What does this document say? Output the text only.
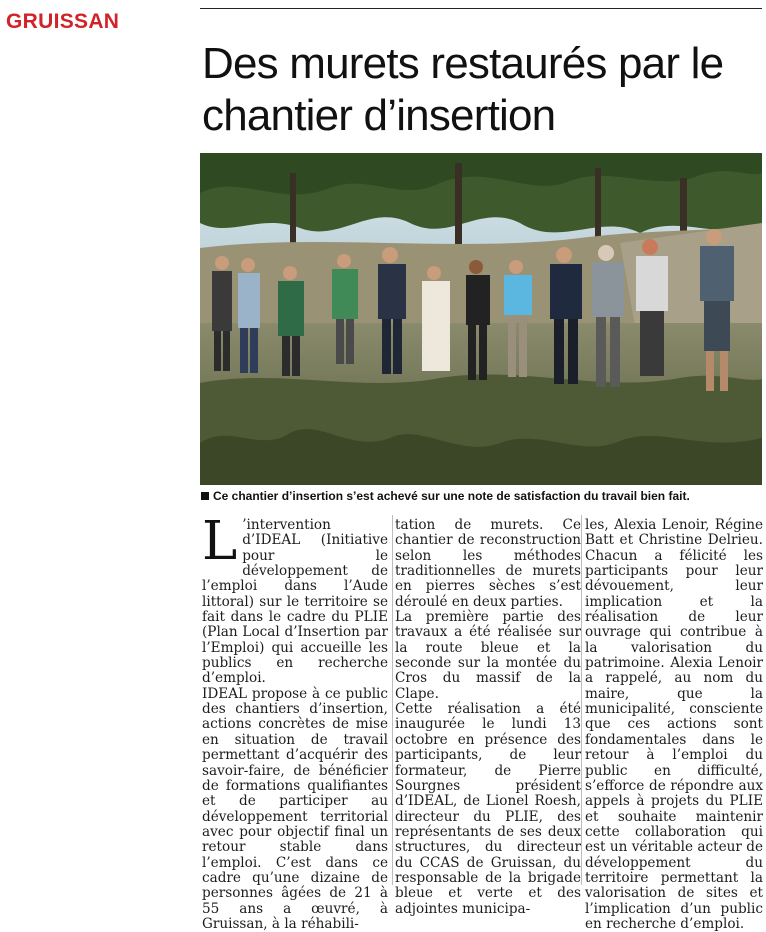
GRUISSAN
Des murets restaurés par le chantier d’insertion
Ce chantier d’insertion s’est achevé sur une note de satisfaction du travail bien fait.
L ’intervention d’IDEAL (Initiative pour le développement de l’emploi dans l’Aude littoral) sur le territoire se fait dans le cadre du PLIE (Plan Local d’Insertion par l’Emploi) qui accueille les publics en recherche d’emploi.

IDEAL propose à ce public des chantiers d’insertion, actions concrètes de mise en situation de travail permettant d’acquérir des savoir-faire, de bénéficier de formations qualifiantes et de participer au développement territorial avec pour objectif final un retour stable dans l’emploi. C’est dans ce cadre qu’une dizaine de personnes âgées de 21 à 55 ans a œuvré, à Gruissan, à la réhabili-

tation de murets. Ce chantier de reconstruction selon les méthodes traditionnelles de murets en pierres sèches s’est déroulé en deux parties.

La première partie des travaux a été réalisée sur la route bleue et la seconde sur la montée du Cros du massif de la Clape.

Cette réalisation a été inaugurée le lundi 13 octobre en présence des participants, de leur formateur, de Pierre Sourgnes président d’IDEAL, de Lionel Roesh, directeur du PLIE, des représentants de ses deux structures, du directeur du CCAS de Gruissan, du responsable de la brigade bleue et verte et des adjointes municipa-

les, Alexia Lenoir, Régine Batt et Christine Delrieu. Chacun a félicité les participants pour leur dévouement, leur implication et la réalisation de leur ouvrage qui contribue à la valorisation du patrimoine. Alexia Lenoir a rappelé, au nom du maire, que la municipalité, consciente que ces actions sont fondamentales dans le retour à l’emploi du public en difficulté, s’efforce de répondre aux appels à projets du PLIE et souhaite maintenir cette collaboration qui est un véritable acteur de développement du territoire permettant la valorisation de sites et l’implication d’un public en recherche d’emploi.
